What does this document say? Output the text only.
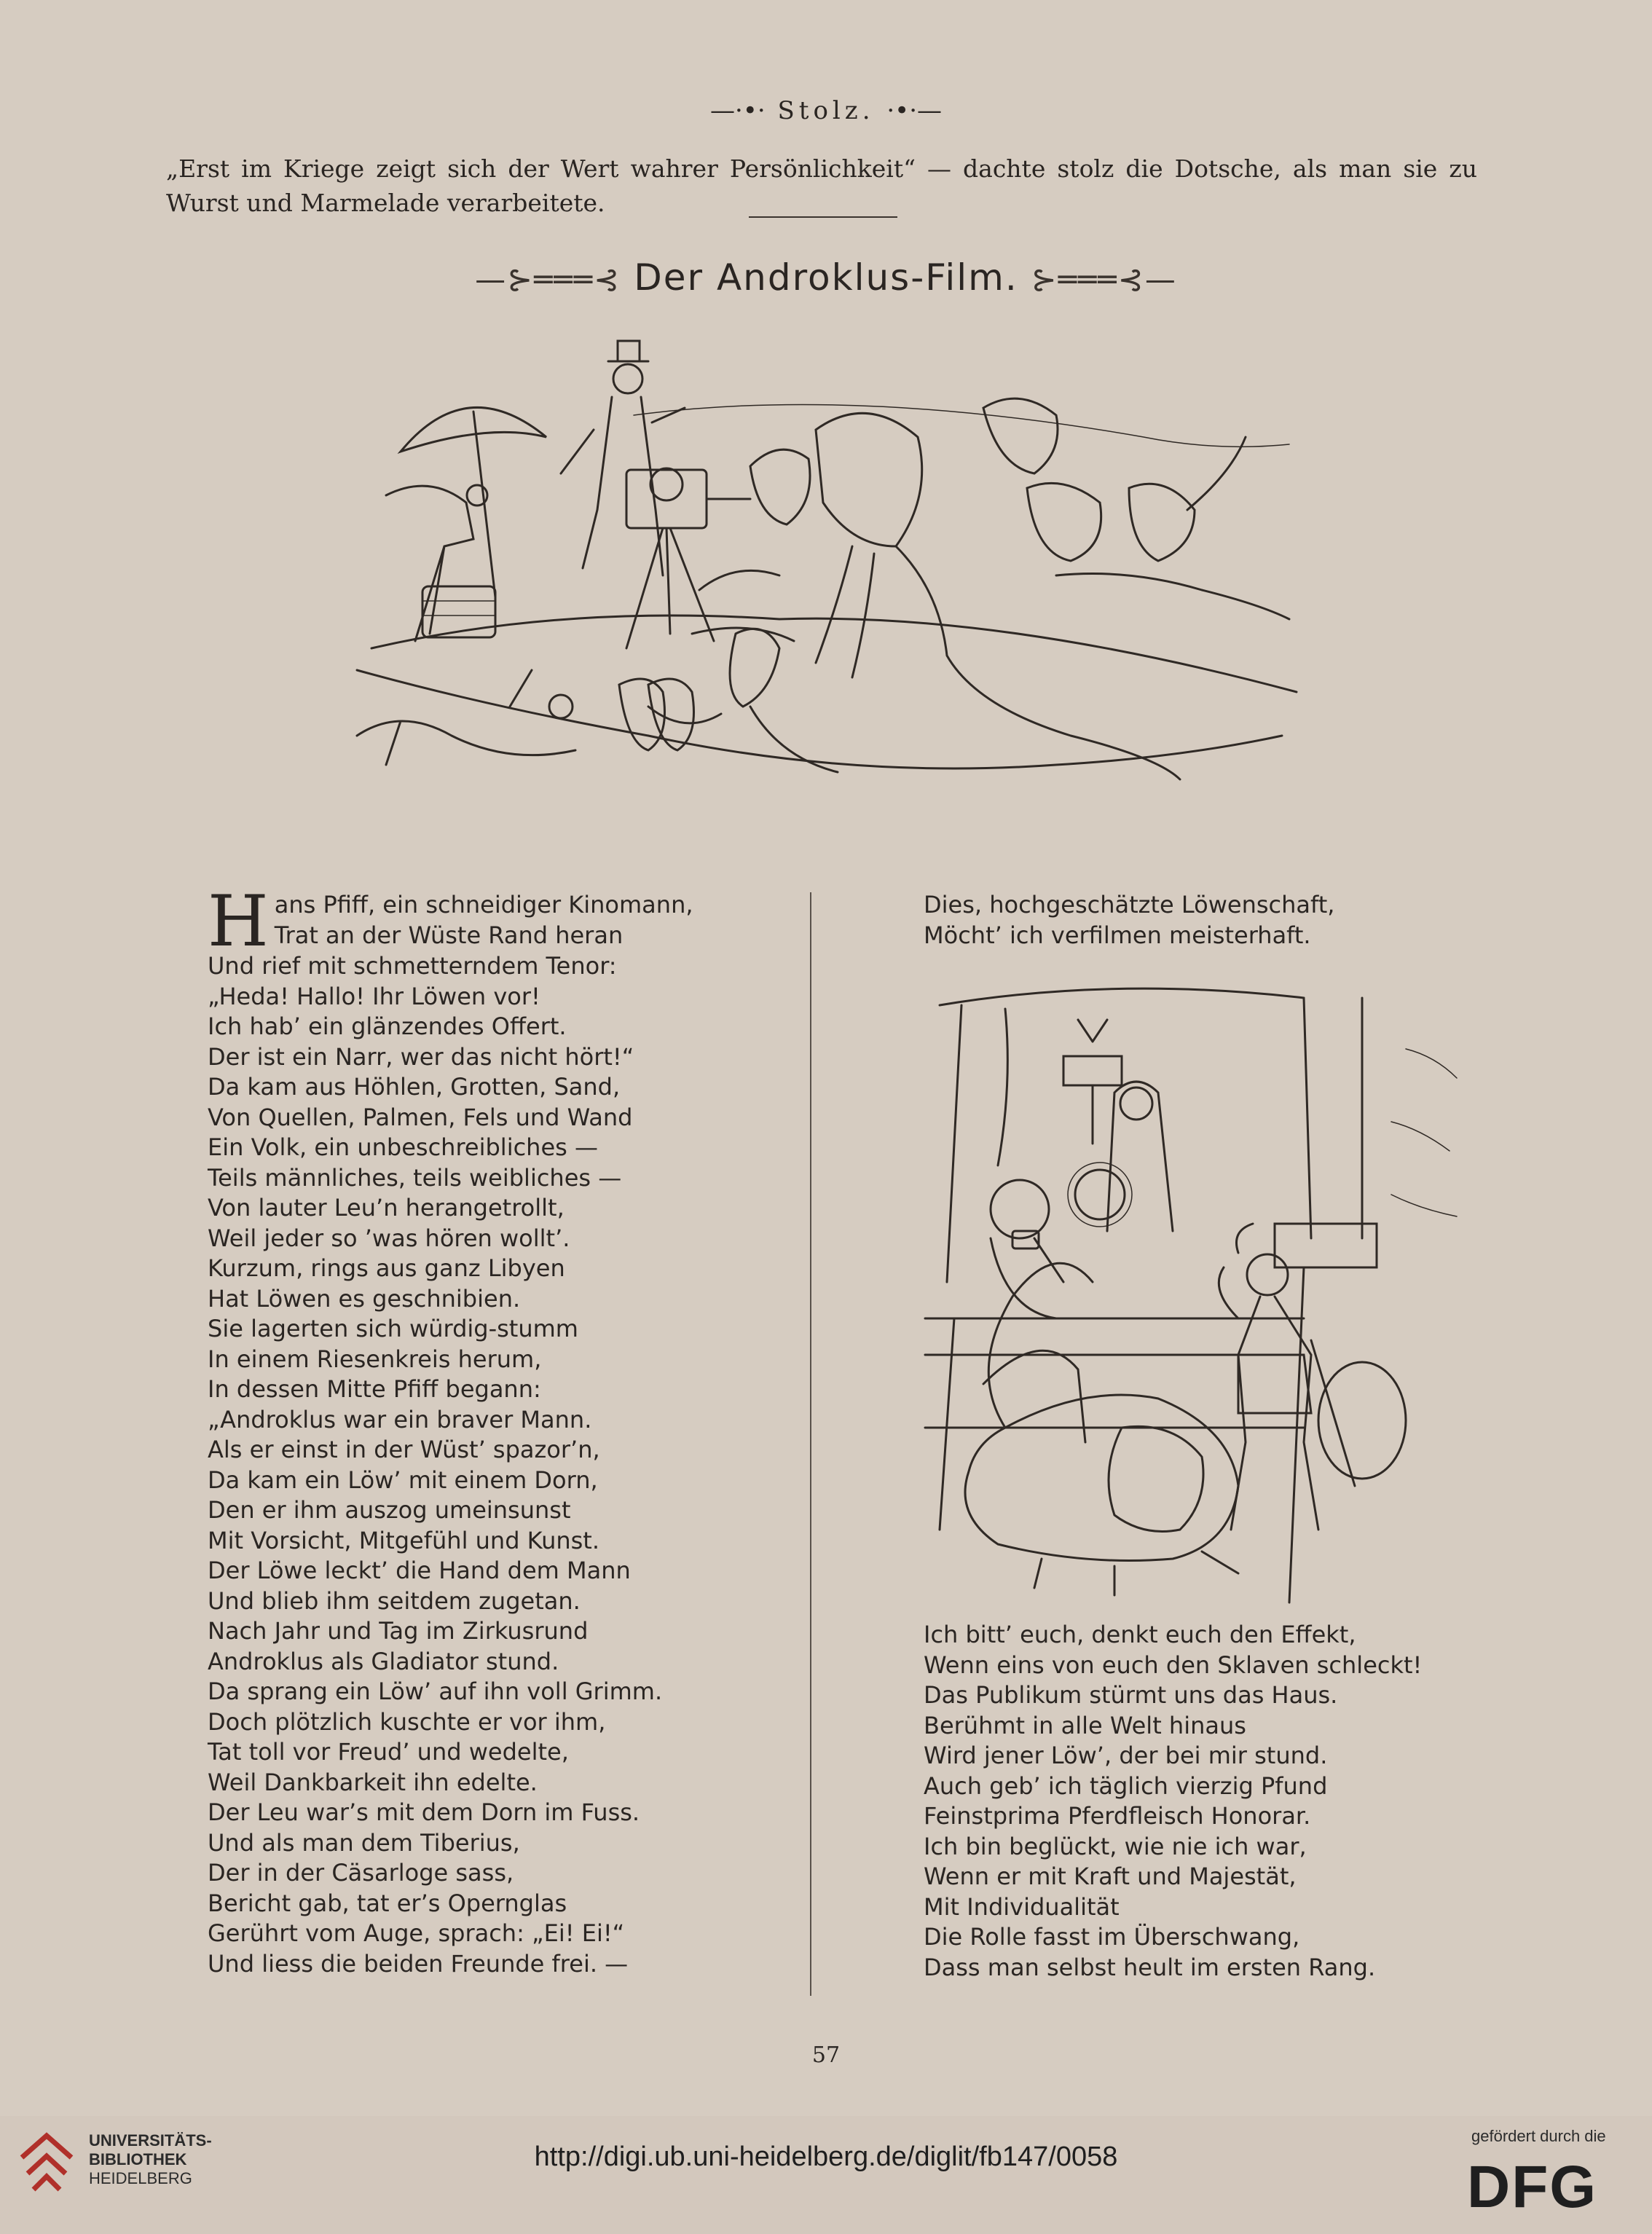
—·•· Stolz. ·•·—
„Erst im Kriege zeigt sich der Wert wahrer Persönlichkeit“ — dachte stolz die Dotsche, als man sie zu Wurst und Marmelade verarbeitete.
—⊱═══⊰ Der Androklus-Film. ⊱═══⊰—
H ans Pfiff, ein schneidiger Kinomann,
Trat an der Wüste Rand heran
Und rief mit schmetterndem Tenor:
„Heda! Hallo! Ihr Löwen vor!
Ich hab’ ein glänzendes Offert.
Der ist ein Narr, wer das nicht hört!“
Da kam aus Höhlen, Grotten, Sand,
Von Quellen, Palmen, Fels und Wand
Ein Volk, ein unbeschreibliches —
Teils männliches, teils weibliches —
Von lauter Leu’n herangetrollt,
Weil jeder so ’was hören wollt’.
Kurzum, rings aus ganz Libyen
Hat Löwen es geschnibien.
Sie lagerten sich würdig-stumm
In einem Riesenkreis herum,
In dessen Mitte Pfiff begann:
„Androklus war ein braver Mann.
Als er einst in der Wüst’ spazor’n,
Da kam ein Löw’ mit einem Dorn,
Den er ihm auszog umeinsunst
Mit Vorsicht, Mitgefühl und Kunst.
Der Löwe leckt’ die Hand dem Mann
Und blieb ihm seitdem zugetan.
Nach Jahr und Tag im Zirkusrund
Androklus als Gladiator stund.
Da sprang ein Löw’ auf ihn voll Grimm.
Doch plötzlich kuschte er vor ihm,
Tat toll vor Freud’ und wedelte,
Weil Dankbarkeit ihn edelte.
Der Leu war’s mit dem Dorn im Fuss.
Und als man dem Tiberius,
Der in der Cäsarloge sass,
Bericht gab, tat er’s Opernglas
Gerührt vom Auge, sprach: „Ei! Ei!“
Und liess die beiden Freunde frei. —
Dies, hochgeschätzte Löwenschaft,
Möcht’ ich verfilmen meisterhaft.
Ich bitt’ euch, denkt euch den Effekt,
Wenn eins von euch den Sklaven schleckt!
Das Publikum stürmt uns das Haus.
Berühmt in alle Welt hinaus
Wird jener Löw’, der bei mir stund.
Auch geb’ ich täglich vierzig Pfund
Feinstprima Pferdfleisch Honorar.
Ich bin beglückt, wie nie ich war,
Wenn er mit Kraft und Majestät,
Mit Individualität
Die Rolle fasst im Überschwang,
Dass man selbst heult im ersten Rang.
57
UNIVERSITÄTS-
BIBLIOTHEK
HEIDELBERG
http://digi.ub.uni-heidelberg.de/diglit/fb147/0058
gefördert durch die
DFG
